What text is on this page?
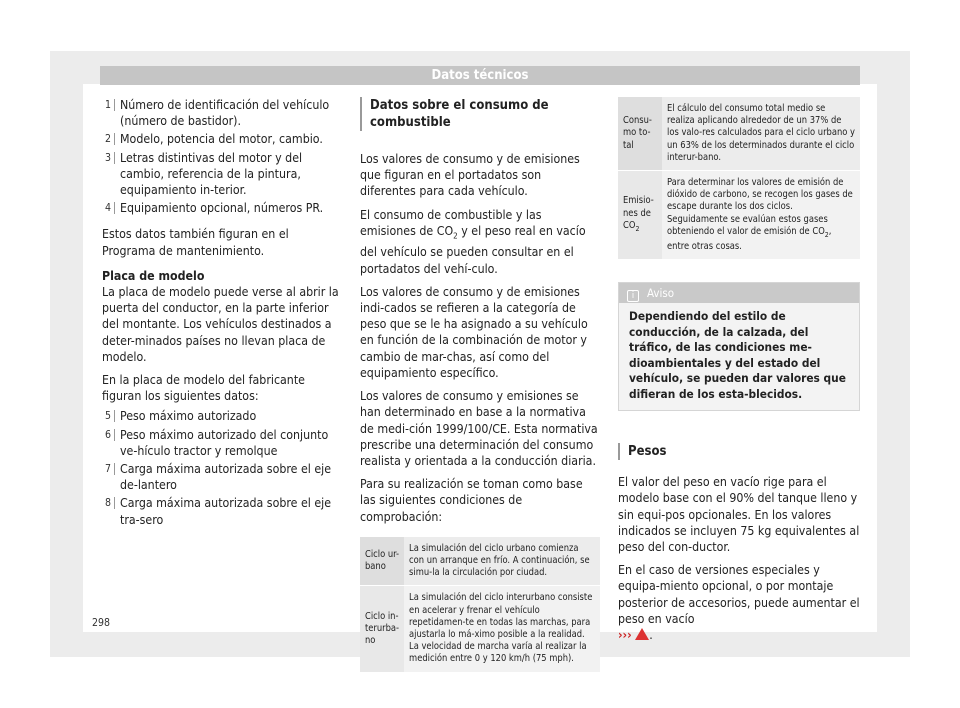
Datos técnicos
1 Número de identificación del vehículo (número de bastidor).
2 Modelo, potencia del motor, cambio.
3 Letras distintivas del motor y del cambio, referencia de la pintura, equipamiento in-terior.
4 Equipamiento opcional, números PR.

Estos datos también figuran en el Programa de mantenimiento.

Placa de modelo

La placa de modelo puede verse al abrir la puerta del conductor, en la parte inferior del montante. Los vehículos destinados a deter-minados países no llevan placa de modelo.

En la placa de modelo del fabricante figuran los siguientes datos:

5 Peso máximo autorizado
6 Peso máximo autorizado del conjunto ve-hículo tractor y remolque
7 Carga máxima autorizada sobre el eje de-lantero
8 Carga máxima autorizada sobre el eje tra-sero
Datos sobre el consumo de combustible

Los valores de consumo y de emisiones que figuran en el portadatos son diferentes para cada vehículo.

El consumo de combustible y las emisiones de $CO_2$ y el peso real en vacío del vehículo se pueden consultar en el portadatos del vehí-culo.

Los valores de consumo y de emisiones indi-cados se refieren a la categoría de peso que se le ha asignado a su vehículo en función de la combinación de motor y cambio de mar-chas, así como del equipamiento específico.

Los valores de consumo y emisiones se han determinado en base a la normativa de medi-ción 1999/100/CE. Esta normativa prescribe una determinación del consumo realista y orientada a la conducción diaria.

Para su realización se toman como base las siguientes condiciones de comprobación:

Ciclo ur-bano	La simulación del ciclo urbano comienza con un arranque en frío. A continuación, se simu-la la circulación por ciudad.
Ciclo in-terurba-no	La simulación del ciclo interurbano consiste en acelerar y frenar el vehículo repetidamen-te en todas las marchas, para ajustarla lo má-ximo posible a la realidad. La velocidad de marcha varía al realizar la medición entre 0 y 120 km/h (75 mph).
Consu-mo to-tal	El cálculo del consumo total medio se realiza aplicando alrededor de un 37% de los valo-res calculados para el ciclo urbano y un 63% de los determinados durante el ciclo interur-bano.
Emisio-nes de $CO_2$	Para determinar los valores de emisión de dióxido de carbono, se recogen los gases de escape durante los dos ciclos. Seguidamente se evalúan estos gases obteniendo el valor de emisión de $CO_2$, entre otras cosas.
i Aviso
Dependiendo del estilo de conducción, de la calzada, del tráfico, de las condiciones me-dioambientales y del estado del vehículo, se pueden dar valores que difieran de los esta-blecidos.
Pesos

El valor del peso en vacío rige para el modelo base con el 90% del tanque lleno y sin equi-pos opcionales. En los valores indicados se incluyen 75 kg equivalentes al peso del con-ductor.

En el caso de versiones especiales y equipa-miento opcional, o por montaje posterior de accesorios, puede aumentar el peso en vacío
››› .

298
